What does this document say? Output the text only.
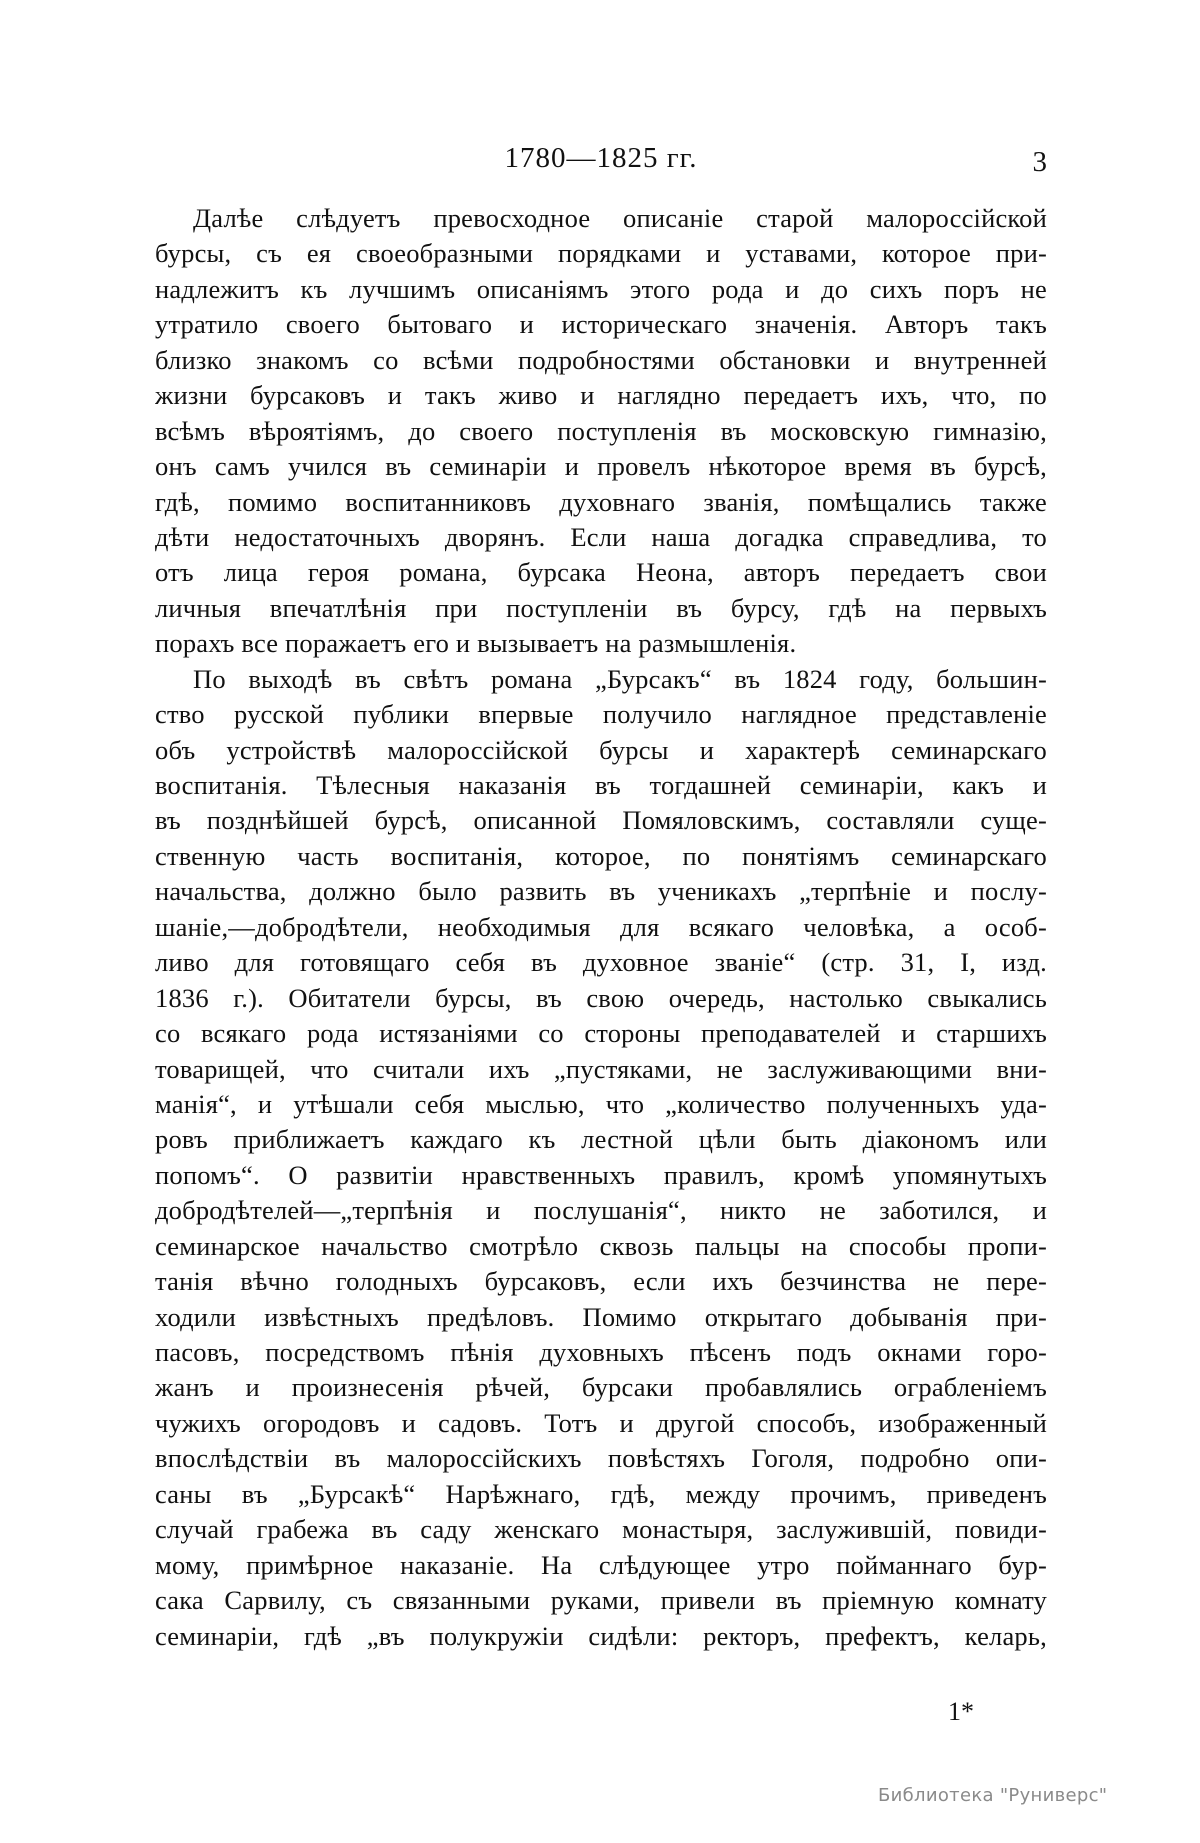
1780—1825 гг.	3
Далѣе слѣдуетъ превосходное описаніе старой малороссійской
бурсы, съ ея своеобразными порядками и уставами, которое при-
надлежитъ къ лучшимъ описаніямъ этого рода и до сихъ поръ не
утратило своего бытоваго и историческаго значенія. Авторъ такъ
близко знакомъ со всѣми подробностями обстановки и внутренней
жизни бурсаковъ и такъ живо и наглядно передаетъ ихъ, что, по
всѣмъ вѣроятіямъ, до своего поступленія въ московскую гимназію,
онъ самъ учился въ семинаріи и провелъ нѣкоторое время въ бурсѣ,
гдѣ, помимо воспитанниковъ духовнаго званія, помѣщались также
дѣти недостаточныхъ дворянъ. Если наша догадка справедлива, то
отъ лица героя романа, бурсака Неона, авторъ передаетъ свои
личныя впечатлѣнія при поступленіи въ бурсу, гдѣ на первыхъ
порахъ все поражаетъ его и вызываетъ на размышленія.
По выходѣ въ свѣтъ романа „Бурсакъ“ въ 1824 году, большин-
ство русской публики впервые получило наглядное представленіе
объ устройствѣ малороссійской бурсы и характерѣ семинарскаго
воспитанія. Тѣлесныя наказанія въ тогдашней семинаріи, какъ и
въ позднѣйшей бурсѣ, описанной Помяловскимъ, составляли суще-
ственную часть воспитанія, которое, по понятіямъ семинарскаго
начальства, должно было развить въ ученикахъ „терпѣніе и послу-
шаніе,—добродѣтели, необходимыя для всякаго человѣка, а особ-
ливо для готовящаго себя въ духовное званіе“ (стр. 31, I, изд.
1836 г.). Обитатели бурсы, въ свою очередь, настолько свыкались
со всякаго рода истязаніями со стороны преподавателей и старшихъ
товарищей, что считали ихъ „пустяками, не заслуживающими вни-
манія“, и утѣшали себя мыслью, что „количество полученныхъ уда-
ровъ приближаетъ каждаго къ лестной цѣли быть діакономъ или
попомъ“. О развитіи нравственныхъ правилъ, кромѣ упомянутыхъ
добродѣтелей—„терпѣнія и послушанія“, никто не заботился, и
семинарское начальство смотрѣло сквозь пальцы на способы пропи-
танія вѣчно голодныхъ бурсаковъ, если ихъ безчинства не пере-
ходили извѣстныхъ предѣловъ. Помимо открытаго добыванія при-
пасовъ, посредствомъ пѣнія духовныхъ пѣсенъ подъ окнами горо-
жанъ и произнесенія рѣчей, бурсаки пробавлялись ограбленіемъ
чужихъ огородовъ и садовъ. Тотъ и другой способъ, изображенный
впослѣдствіи въ малороссійскихъ повѣстяхъ Гоголя, подробно опи-
саны въ „Бурсакѣ“ Нарѣжнаго, гдѣ, между прочимъ, приведенъ
случай грабежа въ саду женскаго монастыря, заслужившій, повиди-
мому, примѣрное наказаніе. На слѣдующее утро пойманнаго бур-
сака Сарвилу, съ связанными руками, привели въ пріемную комнату
семинаріи, гдѣ „въ полукружіи сидѣли: ректоръ, префектъ, келарь,
1*
Библиотека "Руниверс"
